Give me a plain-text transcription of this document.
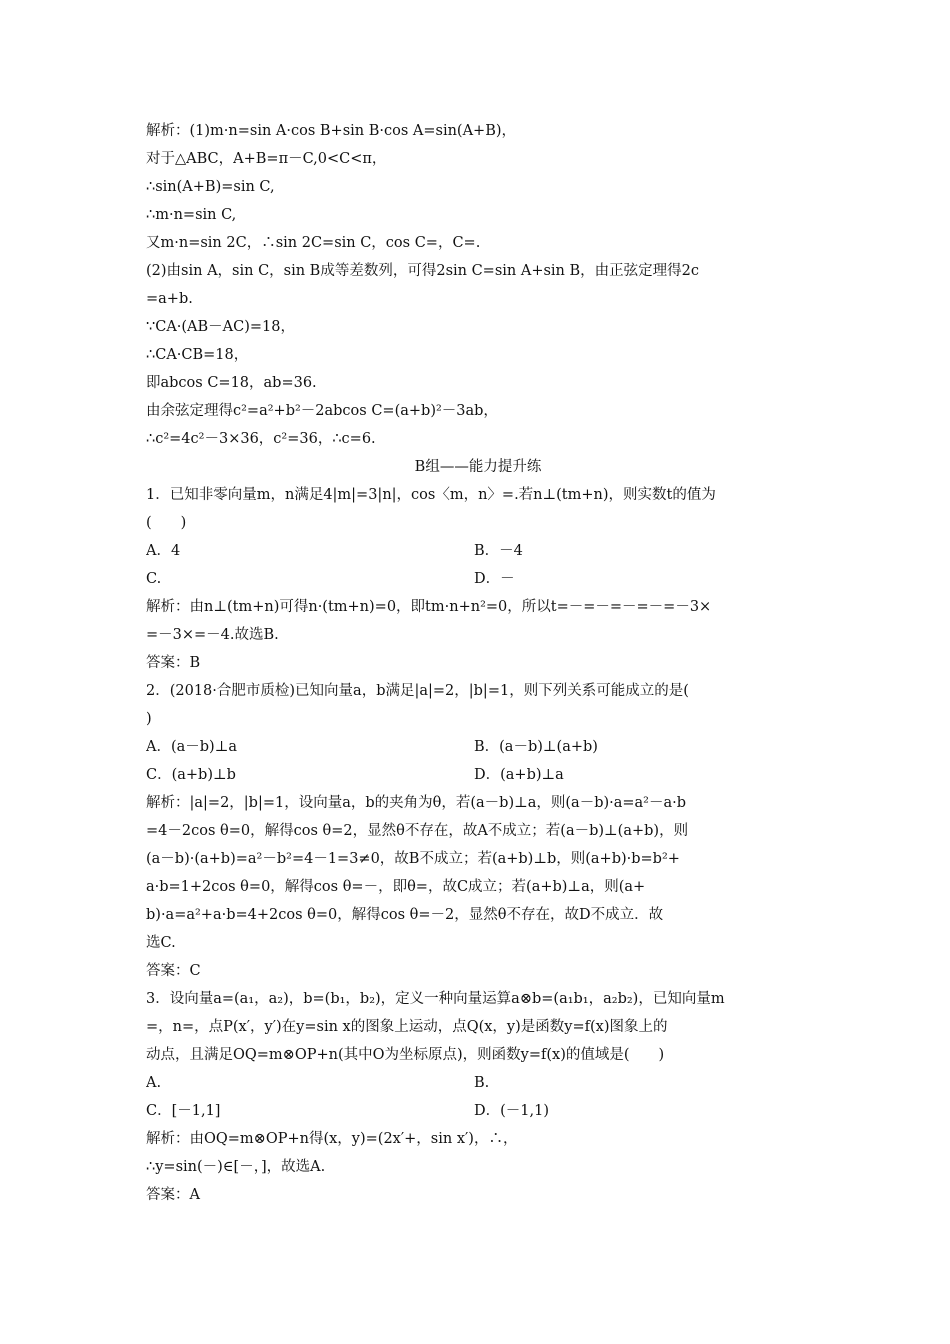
解析：(1)m·n=sin A·cos B+sin B·cos A=sin(A+B)，
对于△ABC，A+B=π－C,0<C<π，
∴sin(A+B)=sin C,
∴m·n=sin C,
又m·n=sin 2C，∴sin 2C=sin C，cos C=，C=.
(2)由sin A，sin C，sin B成等差数列，可得2sin C=sin A+sin B，由正弦定理得2c
=a+b.
∵CA·(AB－AC)=18，
∴CA·CB=18，
即abcos C=18，ab=36.
由余弦定理得c²=a²+b²－2abcos C=(a+b)²－3ab，
∴c²=4c²－3×36，c²=36，∴c=6.
B组——能力提升练
1．已知非零向量m，n满足4|m|=3|n|，cos〈m，n〉=.若n⊥(tm+n)，则实数t的值为
(　　)
A．4	B．－4
C.	D．－
解析：由n⊥(tm+n)可得n·(tm+n)=0，即tm·n+n²=0，所以t=－=－=－=－=－3×
=－3×=－4.故选B.
答案：B
2．(2018·合肥市质检)已知向量a，b满足|a|=2，|b|=1，则下列关系可能成立的是(
)
A．(a－b)⊥a	B．(a－b)⊥(a+b)
C．(a+b)⊥b	D．(a+b)⊥a
解析：|a|=2，|b|=1，设向量a，b的夹角为θ，若(a－b)⊥a，则(a－b)·a=a²－a·b
=4－2cos θ=0，解得cos θ=2，显然θ不存在，故A不成立；若(a－b)⊥(a+b)，则
(a－b)·(a+b)=a²－b²=4－1=3≠0，故B不成立；若(a+b)⊥b，则(a+b)·b=b²+
a·b=1+2cos θ=0，解得cos θ=－，即θ=，故C成立；若(a+b)⊥a，则(a+
b)·a=a²+a·b=4+2cos θ=0，解得cos θ=－2，显然θ不存在，故D不成立．故
选C.
答案：C
3．设向量a=(a₁，a₂)，b=(b₁，b₂)，定义一种向量运算a⊗b=(a₁b₁，a₂b₂)，已知向量m
=，n=，点P(x′，y′)在y=sin x的图象上运动，点Q(x，y)是函数y=f(x)图象上的
动点，且满足OQ=m⊗OP+n(其中O为坐标原点)，则函数y=f(x)的值域是(　　)
A.	B.
C．[－1,1]	D．(－1,1)
解析：由OQ=m⊗OP+n得(x，y)=(2x′+，sin x′)，∴，
∴y=sin(－)∈[－，]，故选A.
答案：A
